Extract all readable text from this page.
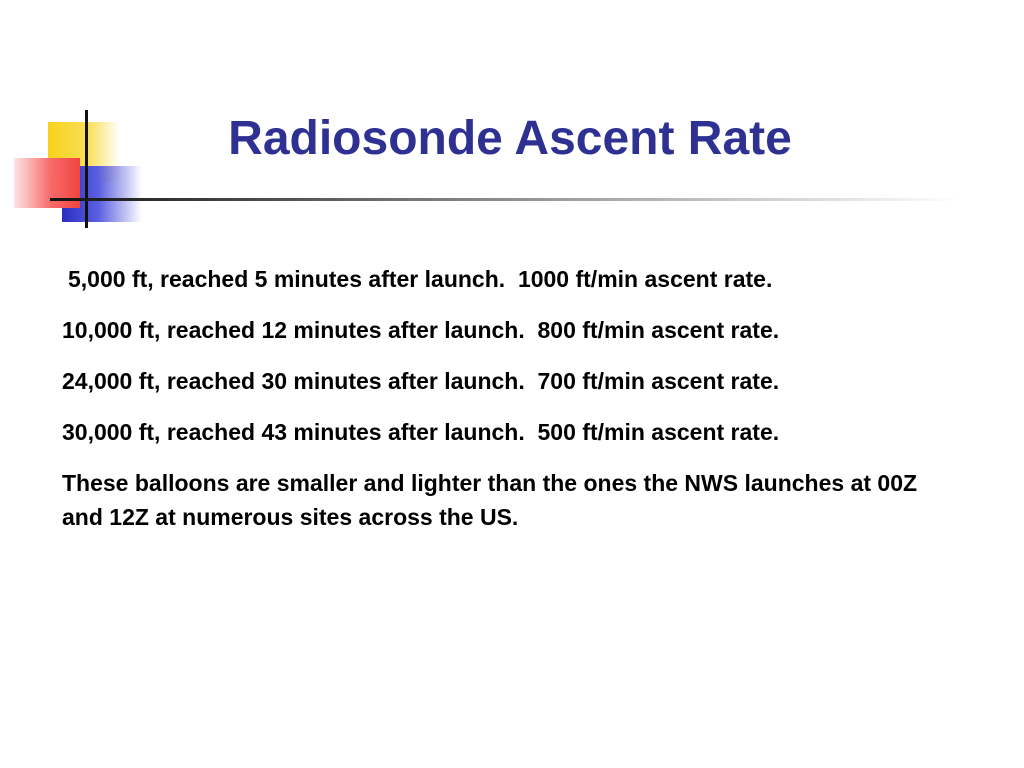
Radiosonde Ascent Rate

5,000 ft, reached 5 minutes after launch.  1000 ft/min ascent rate.

10,000 ft, reached 12 minutes after launch.  800 ft/min ascent rate.

24,000 ft, reached 30 minutes after launch.  700 ft/min ascent rate.

30,000 ft, reached 43 minutes after launch.  500 ft/min ascent rate.

These balloons are smaller and lighter than the ones the NWS launches at 00Z and 12Z at numerous sites across the US.
